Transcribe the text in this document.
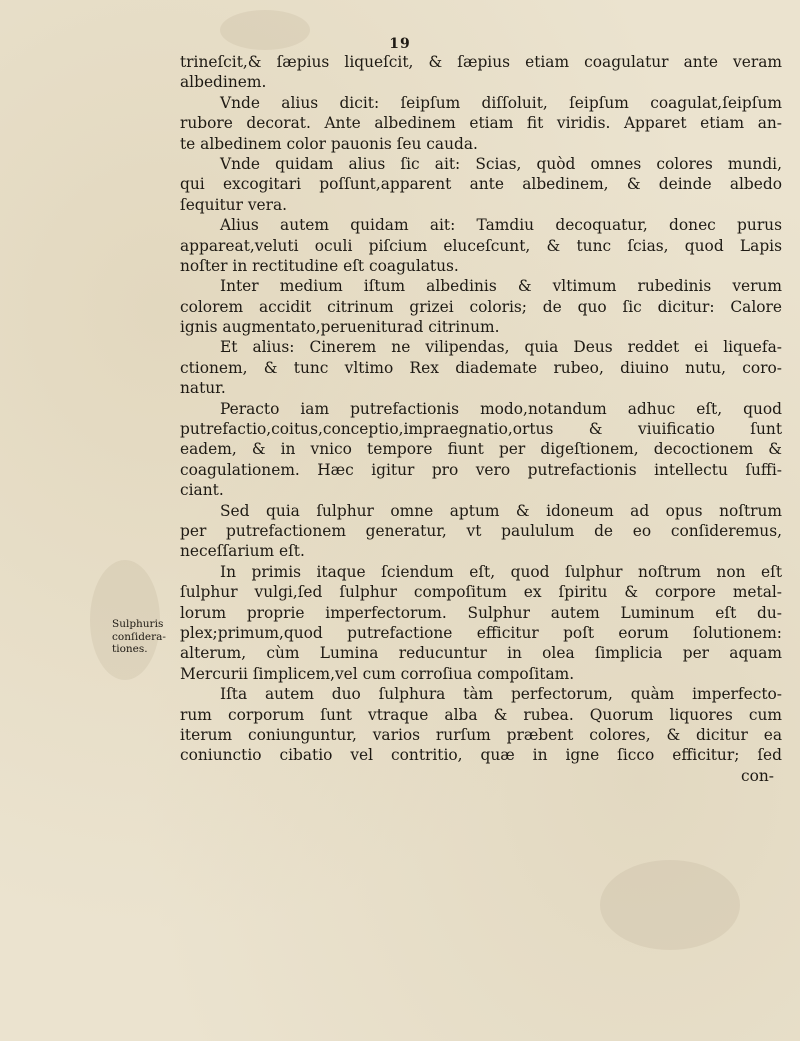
19
Sulphuris
conſidera-
tiones.
trineſcit,& ſæpius liqueſcit, & ſæpius etiam coagulatur ante veram
albedinem.
Vnde alius dicit: ſeipſum diſſoluit, ſeipſum coagulat,ſeipſum
rubore decorat. Ante albedinem etiam fit viridis. Apparet etiam an-
te albedinem color pauonis ſeu cauda.
Vnde quidam alius ſic ait: Scias, quòd omnes colores mundi,
qui excogitari poſſunt,apparent ante albedinem, & deinde albedo
ſequitur vera.
Alius autem quidam ait: Tamdiu decoquatur, donec purus
appareat,veluti oculi piſcium eluceſcunt, & tunc ſcias, quod Lapis
noſter in rectitudine eſt coagulatus.
Inter medium iſtum albedinis & vltimum rubedinis verum
colorem accidit citrinum grizei coloris; de quo ſic dicitur: Calore
ignis augmentato,perueniturad citrinum.
Et alius: Cinerem ne vilipendas, quia Deus reddet ei liquefa-
ctionem, & tunc vltimo Rex diademate rubeo, diuino nutu, coro-
natur.
Peracto iam putrefactionis modo,notandum adhuc eſt, quod
putrefactio,coitus,conceptio,impraegnatio,ortus & viuificatio ſunt
eadem, & in vnico tempore fiunt per digeſtionem, decoctionem &
coagulationem. Hæc igitur pro vero putrefactionis intellectu ſuffi-
ciant.
Sed quia ſulphur omne aptum & idoneum ad opus noſtrum
per putrefactionem generatur, vt paululum de eo conſideremus,
neceſſarium eſt.
In primis itaque ſciendum eſt, quod ſulphur noſtrum non eſt
ſulphur vulgi,ſed ſulphur compoſitum ex ſpiritu & corpore metal-
lorum proprie imperfectorum. Sulphur autem Luminum eſt du-
plex;primum,quod putrefactione efficitur poſt eorum ſolutionem:
alterum, cùm Lumina reducuntur in olea ſimplicia per aquam
Mercurii ſimplicem,vel cum corroſiua compoſitam.
Iſta autem duo ſulphura tàm perfectorum, quàm imperfecto-
rum corporum ſunt vtraque alba & rubea. Quorum liquores cum
iterum coniunguntur, varios rurſum præbent colores, & dicitur ea
coniunctio cibatio vel contritio, quæ in igne ſicco efficitur; ſed
con-
